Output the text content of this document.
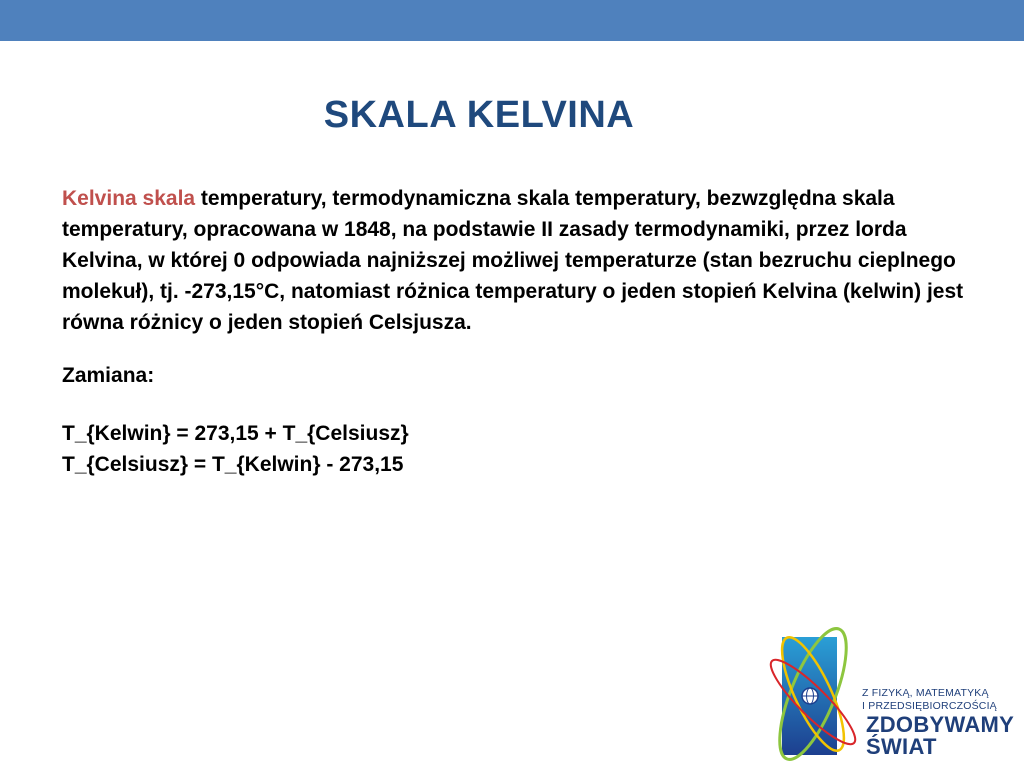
SKALA KELVINA

Kelvina skala temperatury, termodynamiczna skala temperatury, bezwzględna skala temperatury, opracowana w 1848, na podstawie II zasady termodynamiki, przez lorda Kelvina, w której 0 odpowiada najniższej możliwej temperaturze (stan bezruchu cieplnego molekuł), tj. -273,15°C, natomiast różnica temperatury o jeden stopień Kelvina (kelwin) jest równa różnicy o jeden stopień Celsjusza.

Zamiana:

T_{Kelwin} = 273,15 + T_{Celsiusz}

T_{Celsiusz} = T_{Kelwin} - 273,15

Z FIZYKĄ, MATEMATYKĄ
I PRZEDSIĘBIORCZOŚCIĄ
ZDOBYWAMY
ŚWIAT
